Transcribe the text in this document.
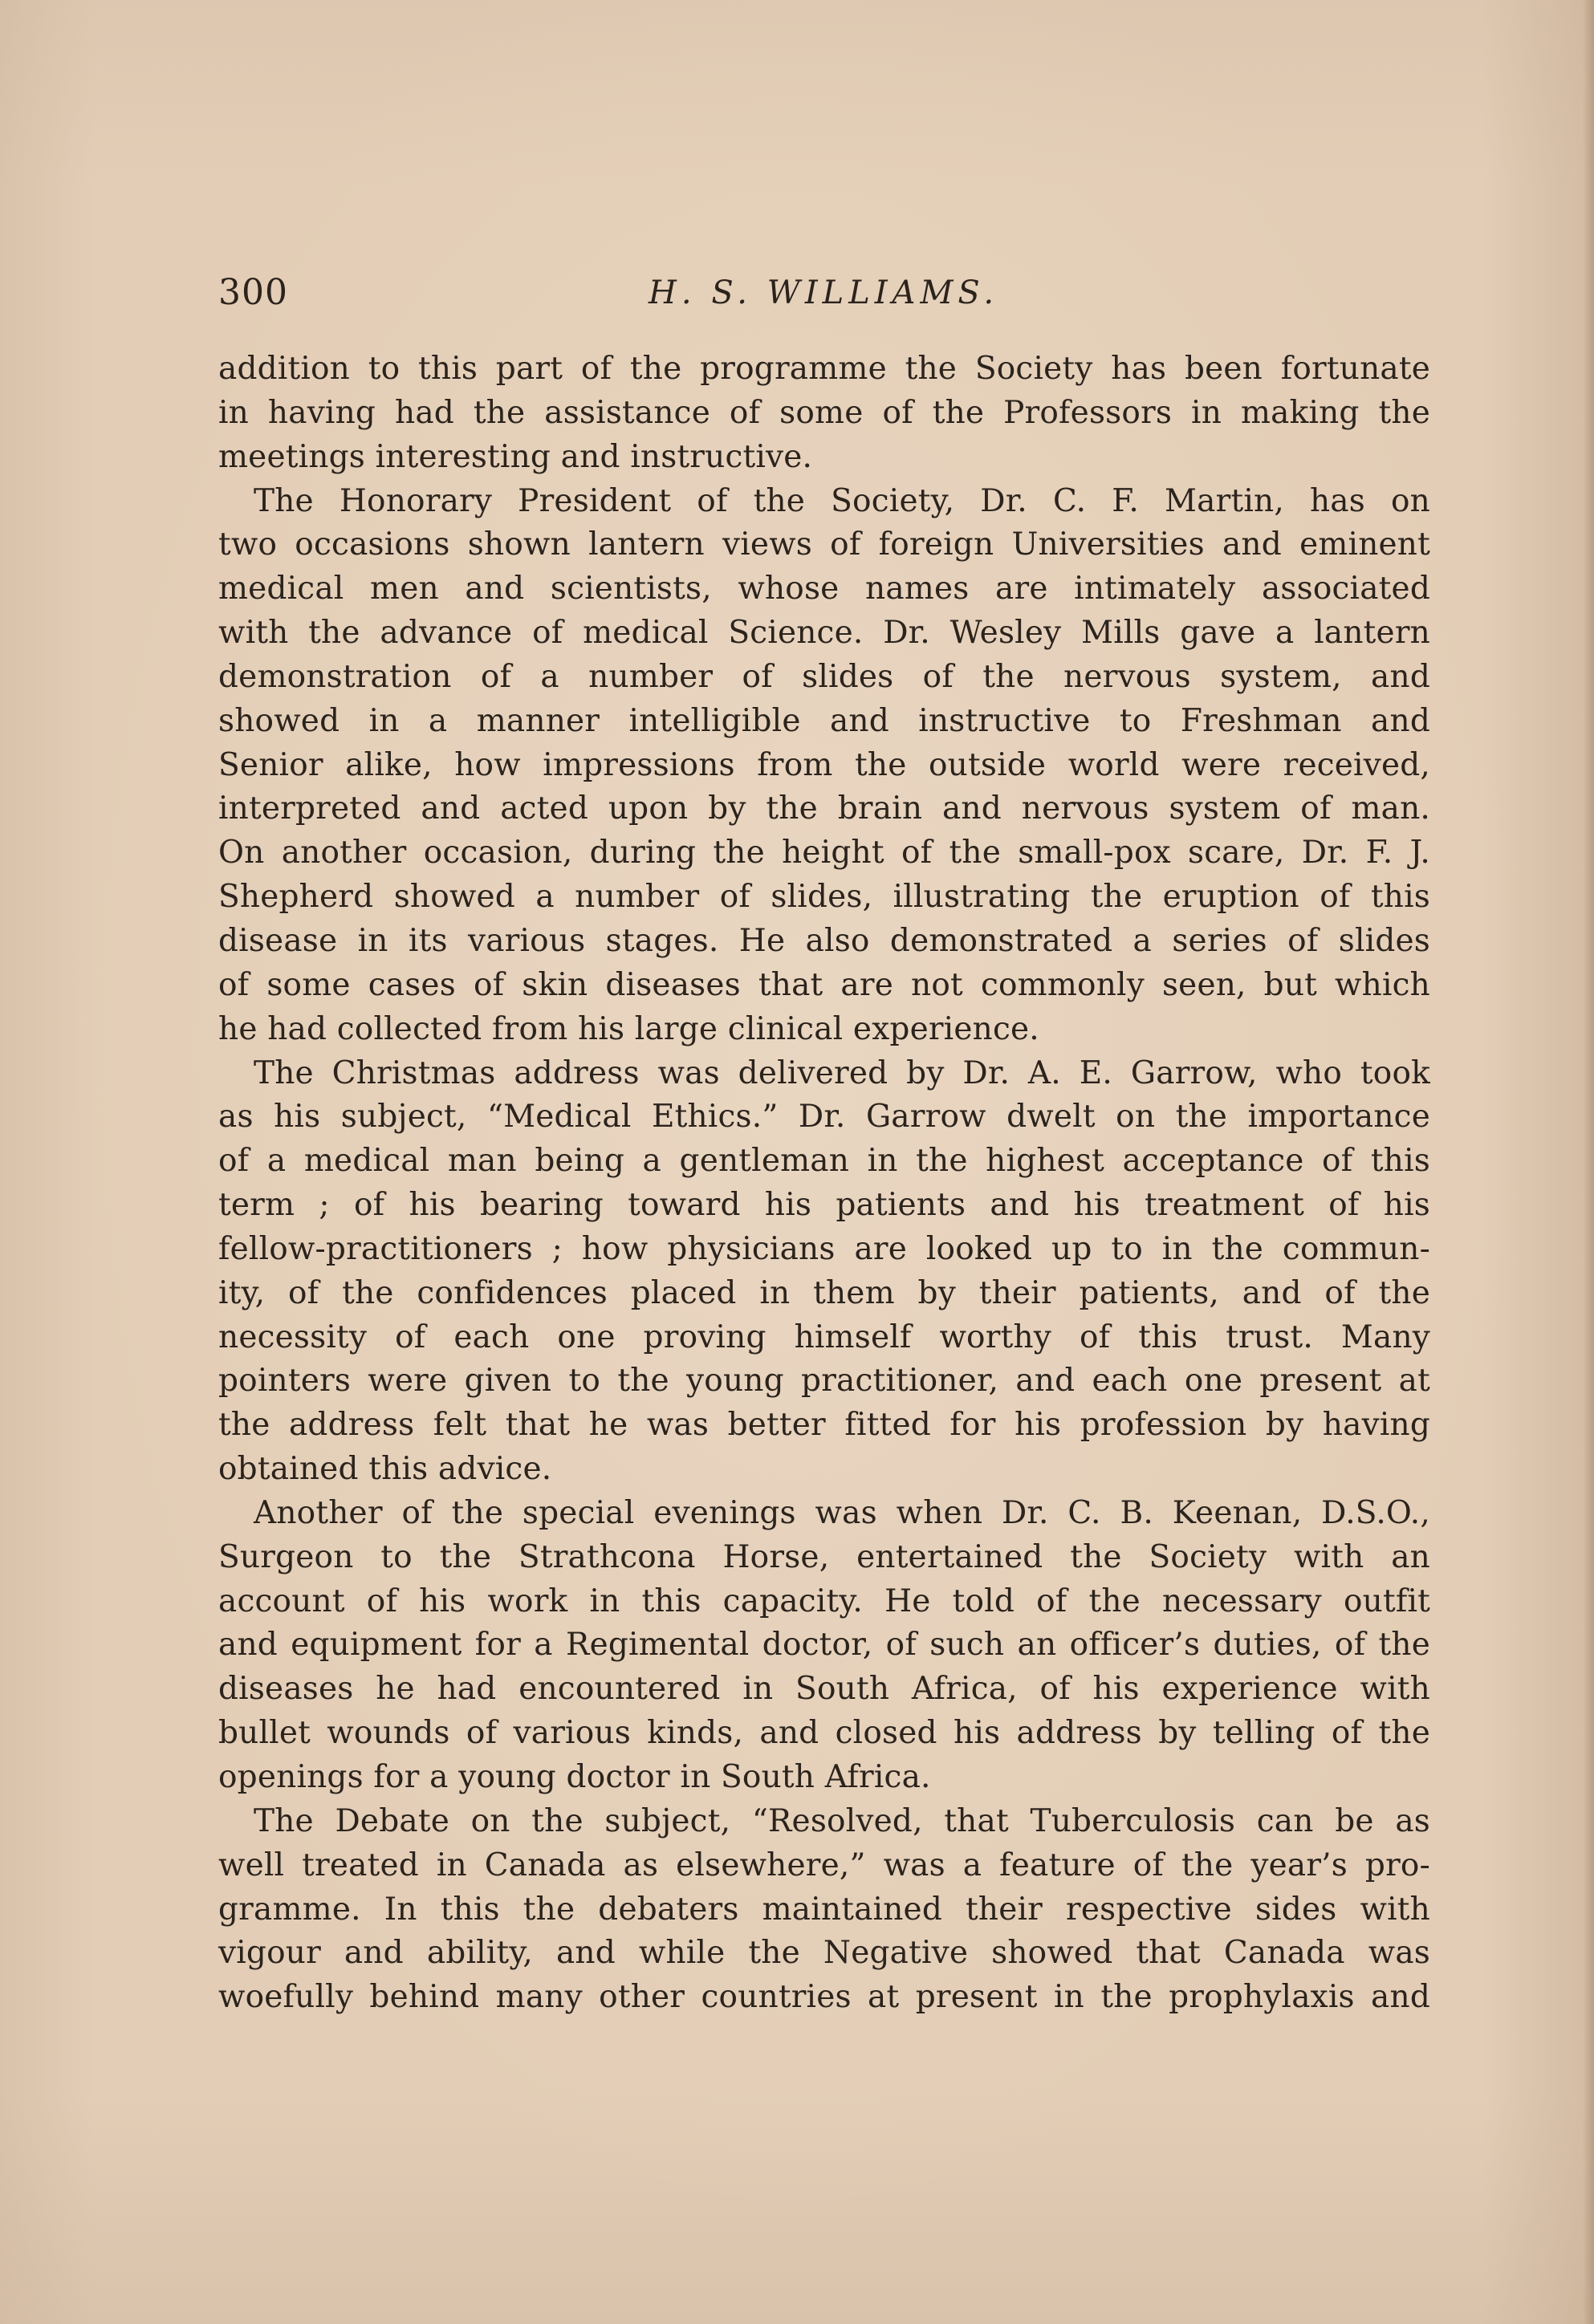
300	H. S. WILLIAMS.
addition to this part of the programme the Society has been fortunate
in having had the assistance of some of the Professors in making the
meetings interesting and instructive.
The Honorary President of the Society, Dr. C. F. Martin, has on
two occasions shown lantern views of foreign Universities and eminent
medical men and scientists, whose names are intimately associated
with the advance of medical Science. Dr. Wesley Mills gave a lantern
demonstration of a number of slides of the nervous system, and
showed in a manner intelligible and instructive to Freshman and
Senior alike, how impressions from the outside world were received,
interpreted and acted upon by the brain and nervous system of man.
On another occasion, during the height of the small-pox scare, Dr. F. J.
Shepherd showed a number of slides, illustrating the eruption of this
disease in its various stages. He also demonstrated a series of slides
of some cases of skin diseases that are not commonly seen, but which
he had collected from his large clinical experience.
The Christmas address was delivered by Dr. A. E. Garrow, who took
as his subject, “Medical Ethics.” Dr. Garrow dwelt on the importance
of a medical man being a gentleman in the highest acceptance of this
term ; of his bearing toward his patients and his treatment of his
fellow-practitioners ; how physicians are looked up to in the commun-
ity, of the confidences placed in them by their patients, and of the
necessity of each one proving himself worthy of this trust. Many
pointers were given to the young practitioner, and each one present at
the address felt that he was better fitted for his profession by having
obtained this advice.
Another of the special evenings was when Dr. C. B. Keenan, D.S.O.,
Surgeon to the Strathcona Horse, entertained the Society with an
account of his work in this capacity. He told of the necessary outfit
and equipment for a Regimental doctor, of such an officer’s duties, of the
diseases he had encountered in South Africa, of his experience with
bullet wounds of various kinds, and closed his address by telling of the
openings for a young doctor in South Africa.
The Debate on the subject, “Resolved, that Tuberculosis can be as
well treated in Canada as elsewhere,” was a feature of the year’s pro-
gramme. In this the debaters maintained their respective sides with
vigour and ability, and while the Negative showed that Canada was
woefully behind many other countries at present in the prophylaxis and
